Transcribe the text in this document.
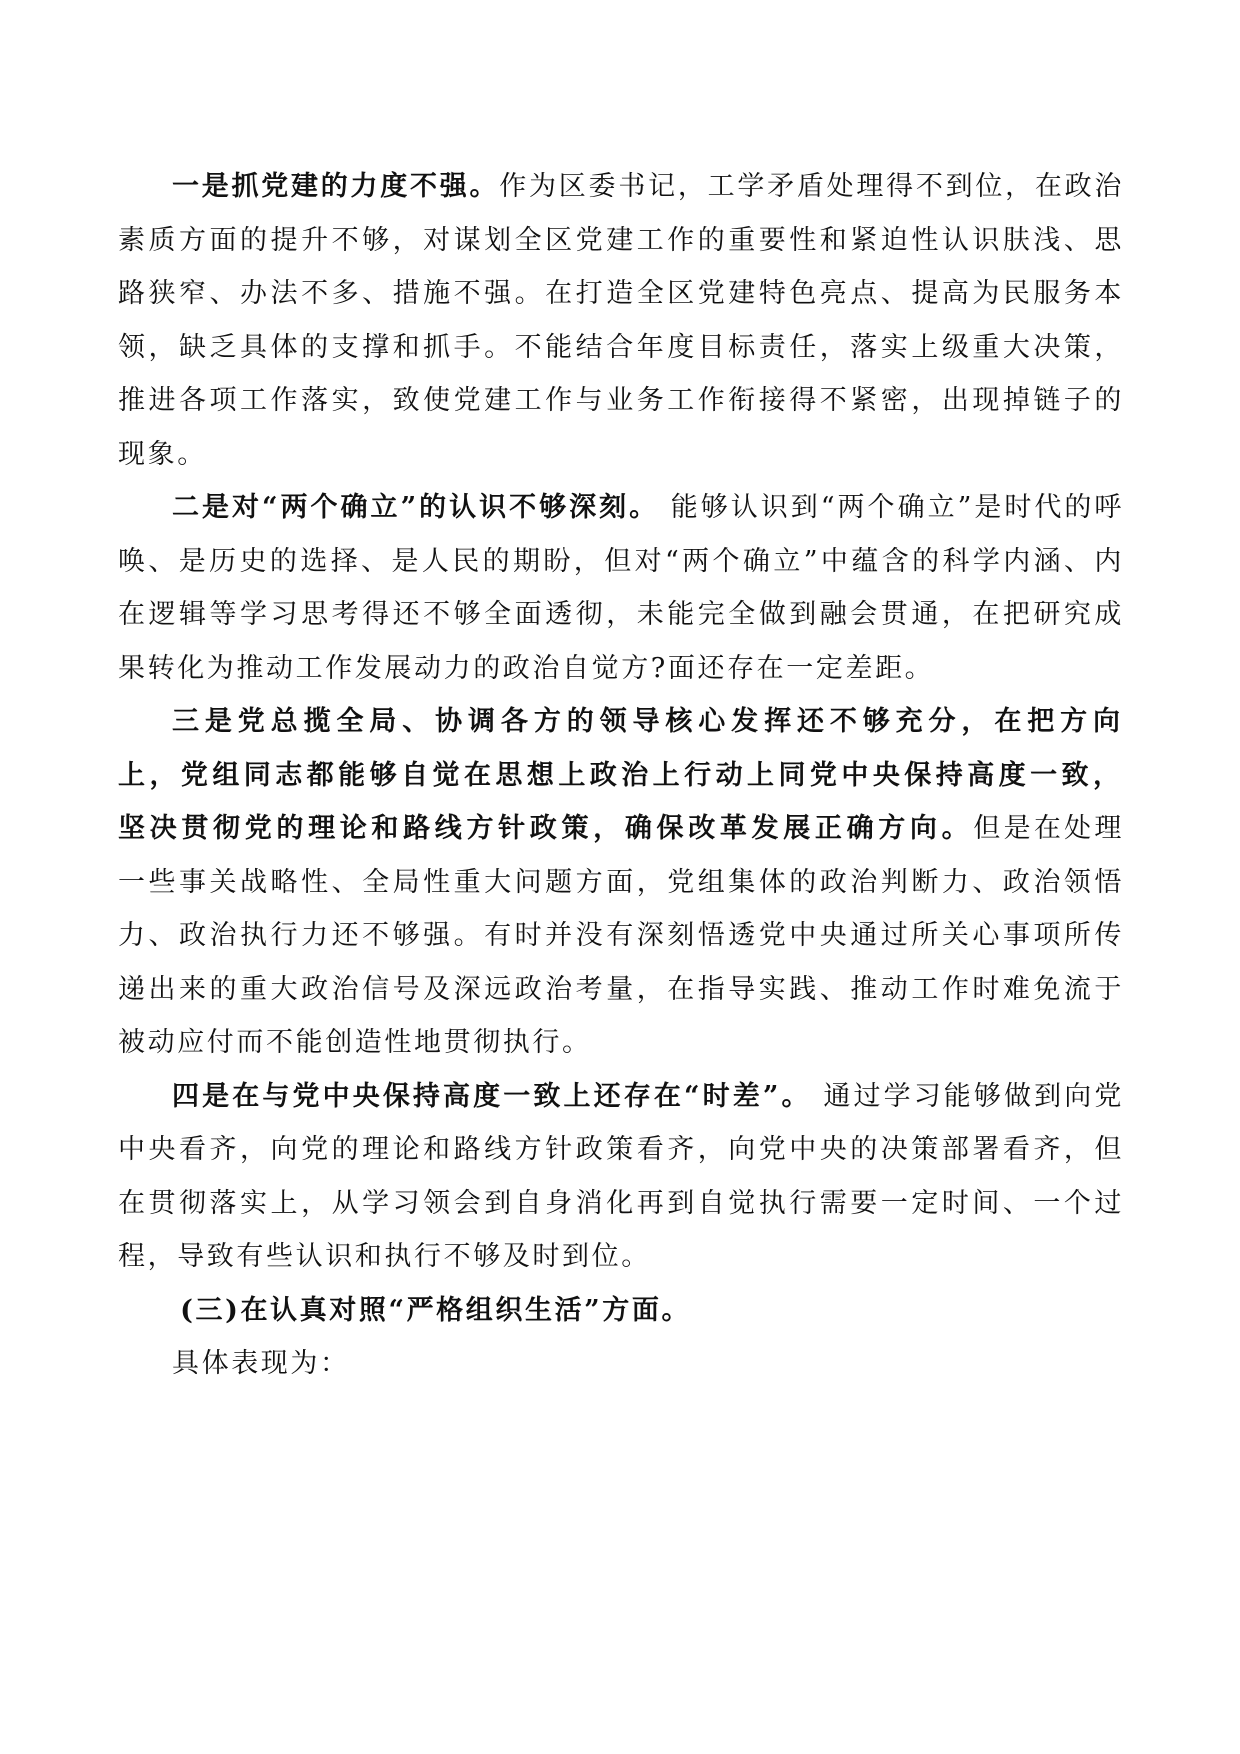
一是抓党建的力度不强。作为区委书记，工学矛盾处理得不到位，在政治素质方面的提升不够，对谋划全区党建工作的重要性和紧迫性认识肤浅、思路狭窄、办法不多、措施不强。在打造全区党建特色亮点、提高为民服务本领，缺乏具体的支撑和抓手。不能结合年度目标责任，落实上级重大决策，推进各项工作落实，致使党建工作与业务工作衔接得不紧密，出现掉链子的现象。

二是对“两个确立”的认识不够深刻。 能够认识到“两个确立”是时代的呼唤、是历史的选择、是人民的期盼，但对“两个确立”中蕴含的科学内涵、内在逻辑等学习思考得还不够全面透彻，未能完全做到融会贯通，在把研究成果转化为推动工作发展动力的政治自觉方?面还存在一定差距。

三是党总揽全局、协调各方的领导核心发挥还不够充分，在把方向上，党组同志都能够自觉在思想上政治上行动上同党中央保持高度一致，坚决贯彻党的理论和路线方针政策，确保改革发展正确方向。但是在处理一些事关战略性、全局性重大问题方面，党组集体的政治判断力、政治领悟力、政治执行力还不够强。有时并没有深刻悟透党中央通过所关心事项所传递出来的重大政治信号及深远政治考量，在指导实践、推动工作时难免流于被动应付而不能创造性地贯彻执行。

四是在与党中央保持高度一致上还存在“时差”。 通过学习能够做到向党中央看齐，向党的理论和路线方针政策看齐，向党中央的决策部署看齐，但在贯彻落实上，从学习领会到自身消化再到自觉执行需要一定时间、一个过程，导致有些认识和执行不够及时到位。

(三)在认真对照“严格组织生活”方面。

具体表现为：
